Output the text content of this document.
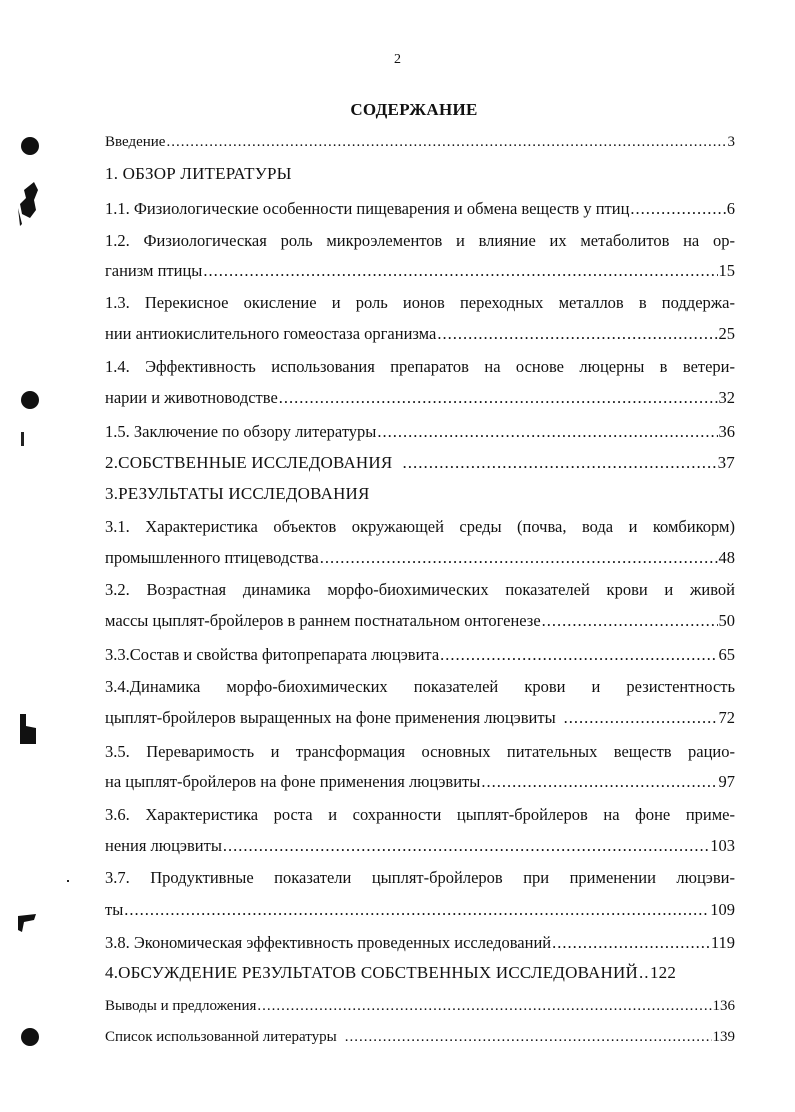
2
СОДЕРЖАНИЕ
Введение .....	3
1. ОБЗОР ЛИТЕРАТУРЫ
1.1. Физиологические особенности пищеварения и обмена веществ у птиц .....	6
1.2. Физиологическая роль микроэлементов и влияние их метаболитов на ор-
ганизм птицы .....	15
1.3. Перекисное окисление и роль ионов переходных металлов в поддержа-
нии антиокислительного гомеостаза организма .....	25
1.4. Эффективность использования препаратов на основе люцерны в ветери-
нарии и животноводстве .....	32
1.5. Заключение по обзору литературы .....	36
2.СОБСТВЕННЫЕ ИССЛЕДОВАНИЯ .....	37
3.РЕЗУЛЬТАТЫ ИССЛЕДОВАНИЯ
3.1. Характеристика объектов окружающей среды (почва, вода и комбикорм)
промышленного птицеводства .....	48
3.2. Возрастная динамика морфо-биохимических показателей крови и живой
массы цыплят-бройлеров в раннем постнатальном онтогенезе .....	50
3.3.Состав и свойства фитопрепарата люцэвита .....	65
3.4.Динамика морфо-биохимических показателей крови и резистентность
цыплят-бройлеров выращенных на фоне применения люцэвиты .....	72
3.5. Переваримость и трансформация основных питательных веществ рацио-
на цыплят-бройлеров на фоне применения люцэвиты .....	97
3.6. Характеристика роста и сохранности цыплят-бройлеров на фоне приме-
нения люцэвиты .....	103
3.7. Продуктивные показатели цыплят-бройлеров при применении люцэви-
ты .....	109
3.8. Экономическая эффективность проведенных исследований .....	119
4.ОБСУЖДЕНИЕ РЕЗУЛЬТАТОВ СОБСТВЕННЫХ ИССЛЕДОВАНИЙ ..... 122
Выводы и предложения .....	136
Список использованной литературы .....	139
